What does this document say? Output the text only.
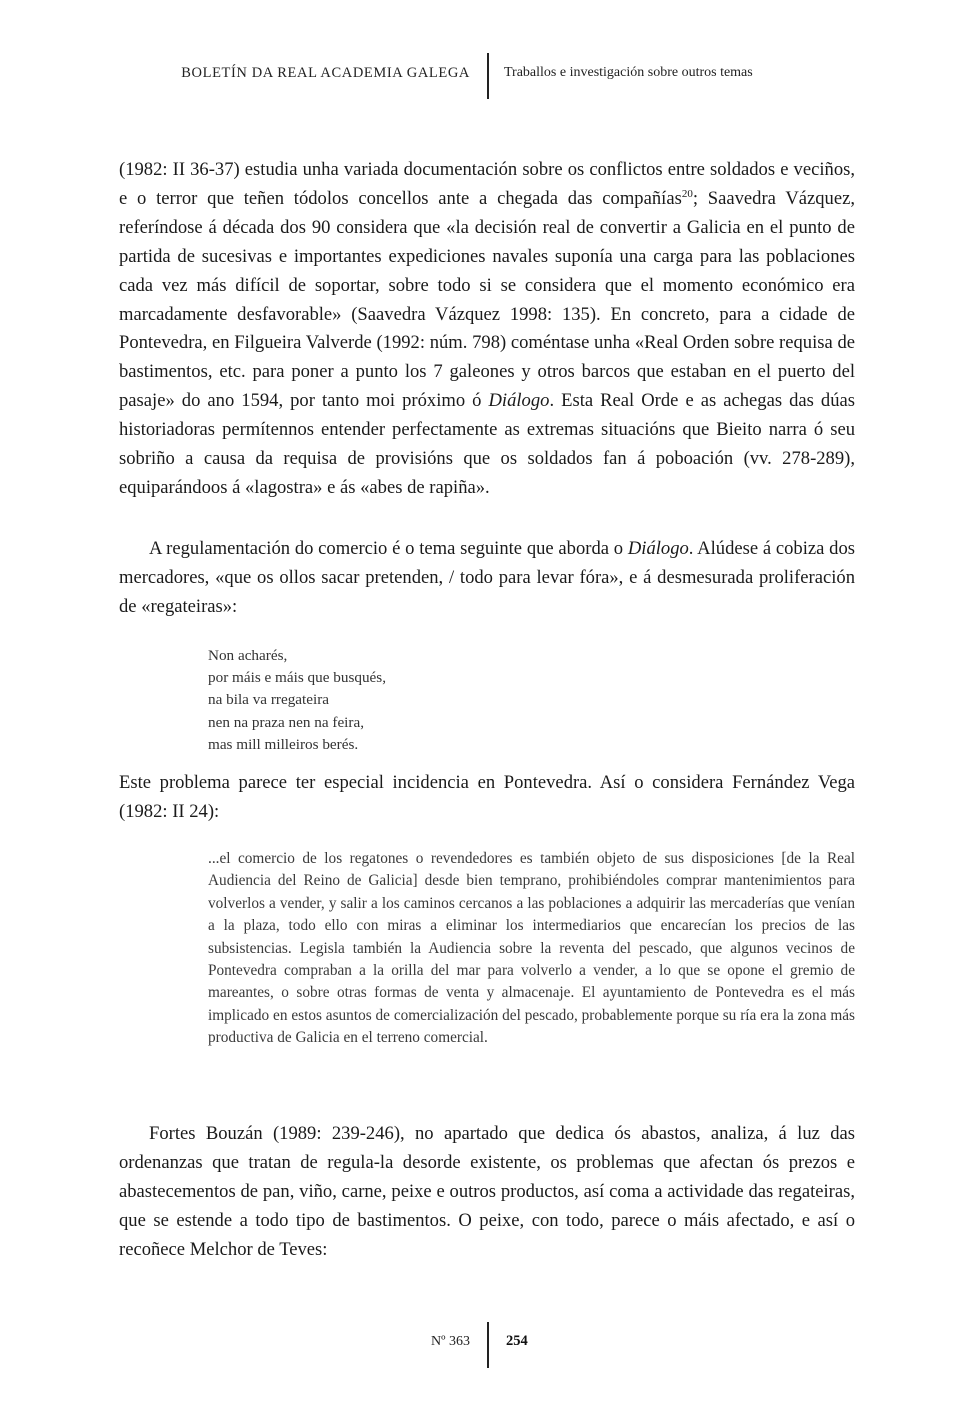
BOLETÍN DA REAL ACADEMIA GALEGA Traballos e investigación sobre outros temas

(1982: II 36-37) estudia unha variada documentación sobre os conflictos entre soldados e veciños, e o terror que teñen tódolos concellos ante a chegada das compañías$^{20}$; Saavedra Vázquez, referíndose á década dos 90 considera que «la decisión real de convertir a Galicia en el punto de partida de sucesivas e importantes expediciones navales suponía una carga para las poblaciones cada vez más difícil de soportar, sobre todo si se considera que el momento económico era marcadamente desfavorable» (Saavedra Vázquez 1998: 135). En concreto, para a cidade de Pontevedra, en Filgueira Valverde (1992: núm. 798) coméntase unha «Real Orden sobre requisa de bastimentos, etc. para poner a punto los 7 galeones y otros barcos que estaban en el puerto del pasaje» do ano 1594, por tanto moi próximo ó Diálogo. Esta Real Orde e as achegas das dúas historiadoras permítennos entender perfectamente as extremas situacións que Bieito narra ó seu sobriño a causa da requisa de provisións que os soldados fan á poboación (vv. 278-289), equiparándoos á «lagostra» e ás «abes de rapiña».

A regulamentación do comercio é o tema seguinte que aborda o Diálogo. Alúdese á cobiza dos mercadores, «que os ollos sacar pretenden, / todo para levar fóra», e á desmesurada proliferación de «regateiras»:

Non acharés,
por máis e máis que busqués,
na bila va rregateira
nen na praza nen na feira,
mas mill milleiros berés.

Este problema parece ter especial incidencia en Pontevedra. Así o considera Fernández Vega (1982: II 24):

...el comercio de los regatones o revendedores es también objeto de sus disposiciones [de la Real Audiencia del Reino de Galicia] desde bien temprano, prohibiéndoles comprar mantenimientos para volverlos a vender, y salir a los caminos cercanos a las poblaciones a adquirir las mercaderías que venían a la plaza, todo ello con miras a eliminar los intermediarios que encarecían los precios de las subsistencias. Legisla también la Audiencia sobre la reventa del pescado, que algunos vecinos de Pontevedra compraban a la orilla del mar para volverlo a vender, a lo que se opone el gremio de mareantes, o sobre otras formas de venta y almacenaje. El ayuntamiento de Pontevedra es el más implicado en estos asuntos de comercialización del pescado, probablemente porque su ría era la zona más productiva de Galicia en el terreno comercial.

Fortes Bouzán (1989: 239-246), no apartado que dedica ós abastos, analiza, á luz das ordenanzas que tratan de regula-la desorde existente, os problemas que afectan ós prezos e abastecementos de pan, viño, carne, peixe e outros productos, así coma a actividade das regateiras, que se estende a todo tipo de bastimentos. O peixe, con todo, parece o máis afectado, e así o recoñece Melchor de Teves:

Nº 363 254
